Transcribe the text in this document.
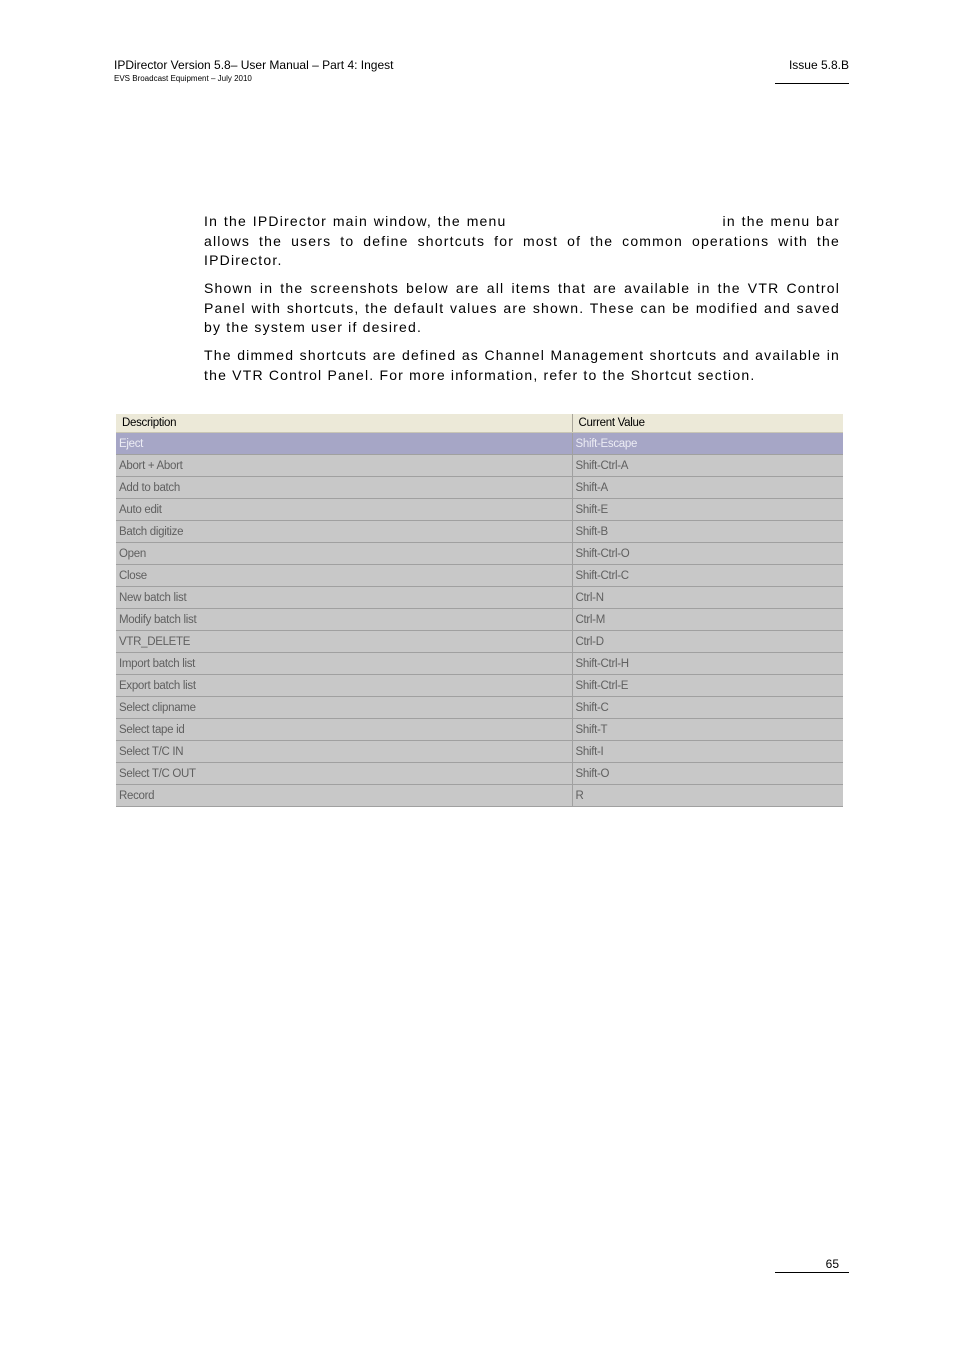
IPDirector Version 5.8– User Manual – Part 4: Ingest
EVS Broadcast Equipment – July 2010
Issue 5.8.B

In the IPDirector main window, the menu	in the menu bar allows the users to define shortcuts for most of the common operations with the IPDirector.

Shown in the screenshots below are all items that are available in the VTR Control Panel with shortcuts, the default values are shown. These can be modified and saved by the system user if desired.

The dimmed shortcuts are defined as Channel Management shortcuts and available in the VTR Control Panel. For more information, refer to the Shortcut section.

Description	Current Value
Eject	Shift-Escape
Abort + Abort	Shift-Ctrl-A
Add to batch	Shift-A
Auto edit	Shift-E
Batch digitize	Shift-B
Open	Shift-Ctrl-O
Close	Shift-Ctrl-C
New batch list	Ctrl-N
Modify batch list	Ctrl-M
VTR_DELETE	Ctrl-D
Import batch list	Shift-Ctrl-H
Export batch list	Shift-Ctrl-E
Select clipname	Shift-C
Select tape id	Shift-T
Select T/C IN	Shift-I
Select T/C OUT	Shift-O
Record	R
65
